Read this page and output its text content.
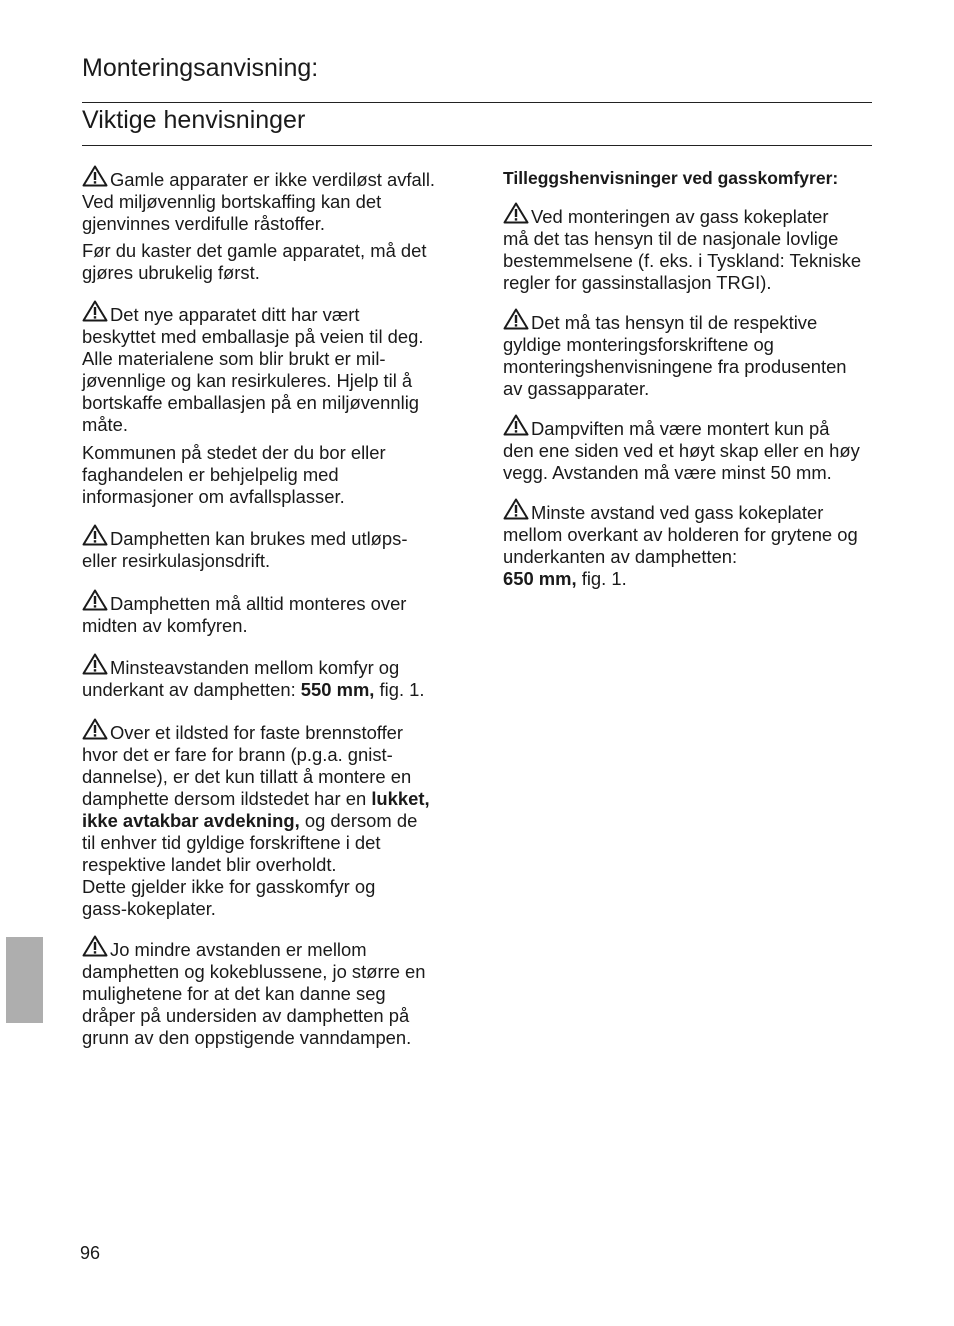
Monteringsanvisning:
Viktige henvisninger

Gamle apparater er ikke verdiløst avfall.
Ved miljøvennlig bortskaffing kan det
gjenvinnes verdifulle råstoffer.

Før du kaster det gamle apparatet, må det
gjøres ubrukelig først.

Det nye apparatet ditt har vært
beskyttet med emballasje på veien til deg.
Alle materialene som blir brukt er mil-
jøvennlige og kan resirkuleres. Hjelp til å
bortskaffe emballasjen på en miljøvennlig
måte.

Kommunen på stedet der du bor eller
faghandelen er behjelpelig med
informasjoner om avfallsplasser.

Damphetten kan brukes med utløps-
eller resirkulasjonsdrift.

Damphetten må alltid monteres over
midten av komfyren.

Minsteavstanden mellom komfyr og
underkant av damphetten: 550 mm, fig. 1.

Over et ildsted for faste brennstoffer
hvor det er fare for brann (p.g.a. gnist-
dannelse), er det kun tillatt å montere en
damphette dersom ildstedet har en lukket,
ikke avtakbar avdekning, og dersom de
til enhver tid gyldige forskriftene i det
respektive landet blir overholdt.
Dette gjelder ikke for gasskomfyr og
gass-kokeplater.

Jo mindre avstanden er mellom
damphetten og kokeblussene, jo større en
mulighetene for at det kan danne seg
dråper på undersiden av damphetten på
grunn av den oppstigende vanndampen.

Tilleggshenvisninger ved gasskomfyrer:

Ved monteringen av gass kokeplater
må det tas hensyn til de nasjonale lovlige
bestemmelsene (f. eks. i Tyskland: Tekniske
regler for gassinstallasjon TRGI).

Det må tas hensyn til de respektive
gyldige monteringsforskriftene og
monteringshenvisningene fra produsenten
av gassapparater.

Dampviften må være montert kun på
den ene siden ved et høyt skap eller en høy
vegg. Avstanden må være minst 50 mm.

Minste avstand ved gass kokeplater
mellom overkant av holderen for grytene og
underkanten av damphetten:
650 mm, fig. 1.

96
